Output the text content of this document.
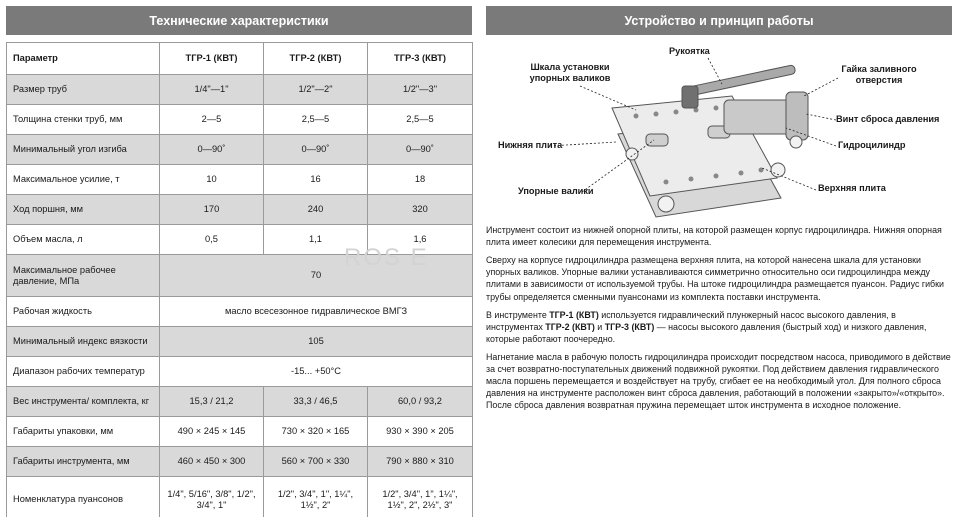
Технические характеристики
Параметр	ТГР-1 (КВТ)	ТГР-2 (КВТ)	ТГР-3 (КВТ)
Размер труб	1/4"—1"	1/2"—2"	1/2"—3"
Толщина стенки труб, мм	2—5	2,5—5	2,5—5
Минимальный угол изгиба	0—90˚	0—90˚	0—90˚
Максимальное усилие, т	10	16	18
Ход поршня, мм	170	240	320
Объем масла, л	0,5	1,1	1,6
Максимальное рабочее давление, МПа	70		
Рабочая жидкость	масло всесезонное гидравлическое ВМГЗ		
Минимальный индекс вязкости	105		
Диапазон рабочих температур	-15... +50°С		
Вес инструмента/ комплекта, кг	15,3 / 21,2	33,3 / 46,5	60,0 / 93,2
Габариты упаковки, мм	490 × 245 × 145	730 × 320 × 165	930 × 390 × 205
Габариты инструмента, мм	460 × 450 × 300	560 × 700 × 330	790 × 880 × 310
Номенклатура пуансонов	1/4", 5/16", 3/8", 1/2", 3/4", 1"	1/2", 3/4", 1", 1¼", 1½", 2"	1/2", 3/4", 1", 1¼", 1½", 2", 2½", 3"
ROS E
Устройство и принцип работы
Рукоятка
Шкала установки упорных валиков
Гайка заливного отверстия
Винт сброса давления
Нижняя плита	Гидроцилиндр
Упорные валики	Верхняя плита

Инструмент состоит из нижней опорной плиты, на которой размещен корпус гидроцилиндра. Нижняя опорная плита имеет колесики для перемещения инструмента.

Сверху на корпусе гидроцилиндра размещена верхняя плита, на которой нанесена шкала для установки упорных валиков. Упорные валики устанавливаются симметрично относительно оси гидроцилиндра между плитами в зависимости от используемой трубы. На штоке гидроцилиндра размещается пуансон. Радиус гибки трубы определяется сменными пуансонами из комплекта поставки инструмента.

В инструменте ТГР-1 (КВТ) используется гидравлический плунжерный насос высокого давления, в инструментах ТГР-2 (КВТ) и ТГР-3 (КВТ) — насосы высокого давления (быстрый ход) и низкого давления, которые работают поочередно.

Нагнетание масла в рабочую полость гидроцилиндра происходит посредством насоса, приводимого в действие за счет возвратно-поступательных движений подвижной рукоятки. Под действием давления гидравлического масла поршень перемещается и воздействует на трубу, сгибает ее на необходимый угол. Для полного сброса давления на инструменте расположен винт сброса давления, работающий в положении «закрыто»/«открыто». После сброса давления возвратная пружина перемещает шток инструмента в исходное положение.
